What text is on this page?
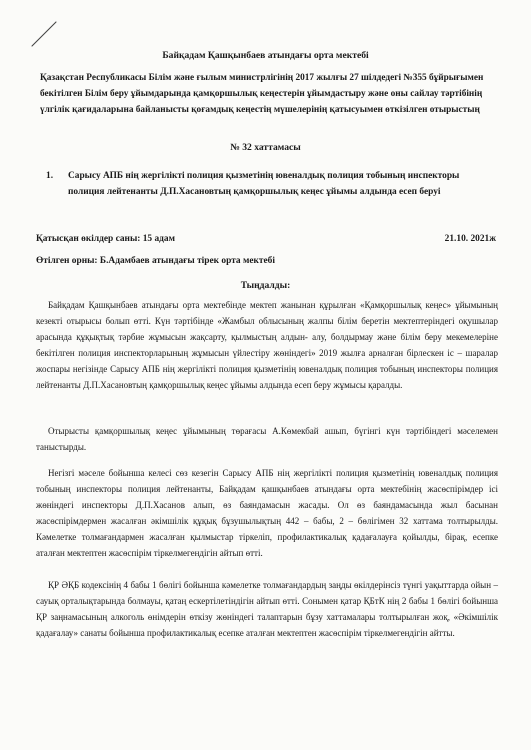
Байқадам Қашқынбаев атындағы орта мектебі
Қазақстан Республикасы Білім және ғылым министрлігінің 2017 жылғы 27 шілдедегі №355 бұйрығымен бекітілген Білім беру ұйымдарында қамқоршылық кеңестерін ұйымдастыру және оны сайлау тәртібінің үлгілік қағидаларына байланысты қоғамдық кеңестің мүшелерінің қатысуымен өткізілген отырыстың
№ 32 хаттамасы
1.	Сарысу АПБ нің жергілікті полиция қызметінің ювеналдық полиция тобының инспекторы полиция лейтенанты Д.П.Хасановтың қамқоршылық кеңес ұйымы алдында есеп беруі
Қатысқан өкілдер саны: 15 адам	21.10. 2021ж
Өтілген орны: Б.Адамбаев атындағы тірек орта мектебі
Тыңдалды:
Байқадам Қашқынбаев атындағы орта мектебінде мектеп жанынан құрылған «Қамқоршылық кеңес» ұйымының кезекті отырысы болып өтті. Күн тәртібінде «Жамбыл облысының жалпы білім беретін мектептеріндегі оқушылар арасында құқықтық тәрбие жұмысын жақсарту, қылмыстың алдын- алу, болдырмау және білім беру мекемелеріне бекітілген полиция инспекторларының жұмысын үйлестіру жөніндегі» 2019 жылға арналған бірлескен іс – шаралар жоспары негізінде Сарысу АПБ нің жергілікті полиция қызметінің ювеналдық полиция тобының инспекторы полиция лейтенанты Д.П.Хасановтың қамқоршылық кеңес ұйымы алдында есеп беру жұмысы қаралды.
Отырысты қамқоршылық кеңес ұйымының төрағасы А.Көмекбай ашып, бүгінгі күн тәртібіндегі мәселемен таныстырды.
Негізгі мәселе бойынша келесі сөз кезегін Сарысу АПБ нің жергілікті полиция қызметінің ювеналдық полиция тобының инспекторы полиция лейтенанты, Байқадам қашқынбаев атындағы орта мектебінің жасөспірімдер ісі жөніндегі инспекторы Д.П.Хасанов алып, өз баяндамасын жасады. Ол өз баяндамасында жыл басынан жасөспірімдермен жасалған әкімшілік құқық бұзушылықтың 442 – бабы, 2 – бөлігімен 32 хаттама толтырылды. Кәмелетке толмағандармен жасалған қылмыстар тіркеліп, профилактикалық қадағалауға қойылды, бірақ, есепке аталған мектептен жасөспірім тіркелмегендігін айтып өтті.
ҚР ӘҚБ кодексінің 4 бабы 1 бөлігі бойынша кәмелетке толмағандардың заңды өкілдерінсіз түнгі уақыттарда ойын –сауық орталықтарында болмауы, қатаң ескертілетіндігін айтып өтті. Сонымен қатар ҚБтК нің 2 бабы 1 бөлігі бойынша ҚР заңнамасының алкоголь өнімдерін өткізу жөніндегі талаптарын бұзу хаттамалары толтырылған жоқ, «Әкімшілік қадағалау» санаты бойынша профилактикалық есепке аталған мектептен жасөспірім тіркелмегендігін айтты.
